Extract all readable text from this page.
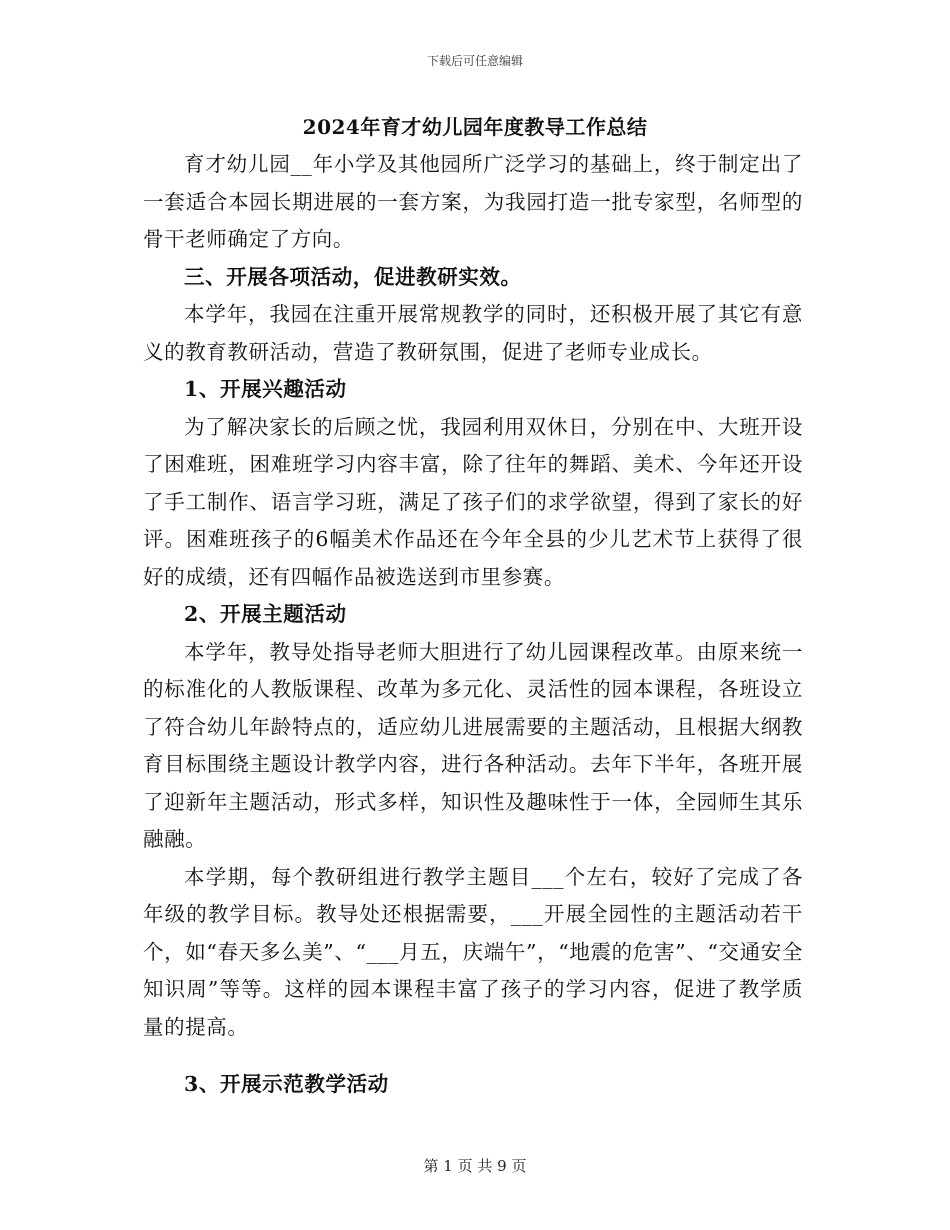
下载后可任意编辑
2024年育才幼儿园年度教导工作总结

育才幼儿园__年小学及其他园所广泛学习的基础上，终于制定出了一套适合本园长期进展的一套方案，为我园打造一批专家型，名师型的骨干老师确定了方向。

三、开展各项活动，促进教研实效。

本学年，我园在注重开展常规教学的同时，还积极开展了其它有意义的教育教研活动，营造了教研氛围，促进了老师专业成长。

1、开展兴趣活动

为了解决家长的后顾之忧，我园利用双休日，分别在中、大班开设了困难班，困难班学习内容丰富，除了往年的舞蹈、美术、今年还开设了手工制作、语言学习班，满足了孩子们的求学欲望，得到了家长的好评。困难班孩子的6幅美术作品还在今年全县的少儿艺术节上获得了很好的成绩，还有四幅作品被选送到市里参赛。

2、开展主题活动

本学年，教导处指导老师大胆进行了幼儿园课程改革。由原来统一的标准化的人教版课程、改革为多元化、灵活性的园本课程，各班设立了符合幼儿年龄特点的，适应幼儿进展需要的主题活动，且根据大纲教育目标围绕主题设计教学内容，进行各种活动。去年下半年，各班开展了迎新年主题活动，形式多样，知识性及趣味性于一体，全园师生其乐融融。

本学期，每个教研组进行教学主题目___个左右，较好了完成了各年级的教学目标。教导处还根据需要，___开展全园性的主题活动若干个，如“春天多么美”、“___月五，庆端午”，“地震的危害”、“交通安全知识周”等等。这样的园本课程丰富了孩子的学习内容，促进了教学质量的提高。

3、开展示范教学活动

第 1 页 共 9 页
